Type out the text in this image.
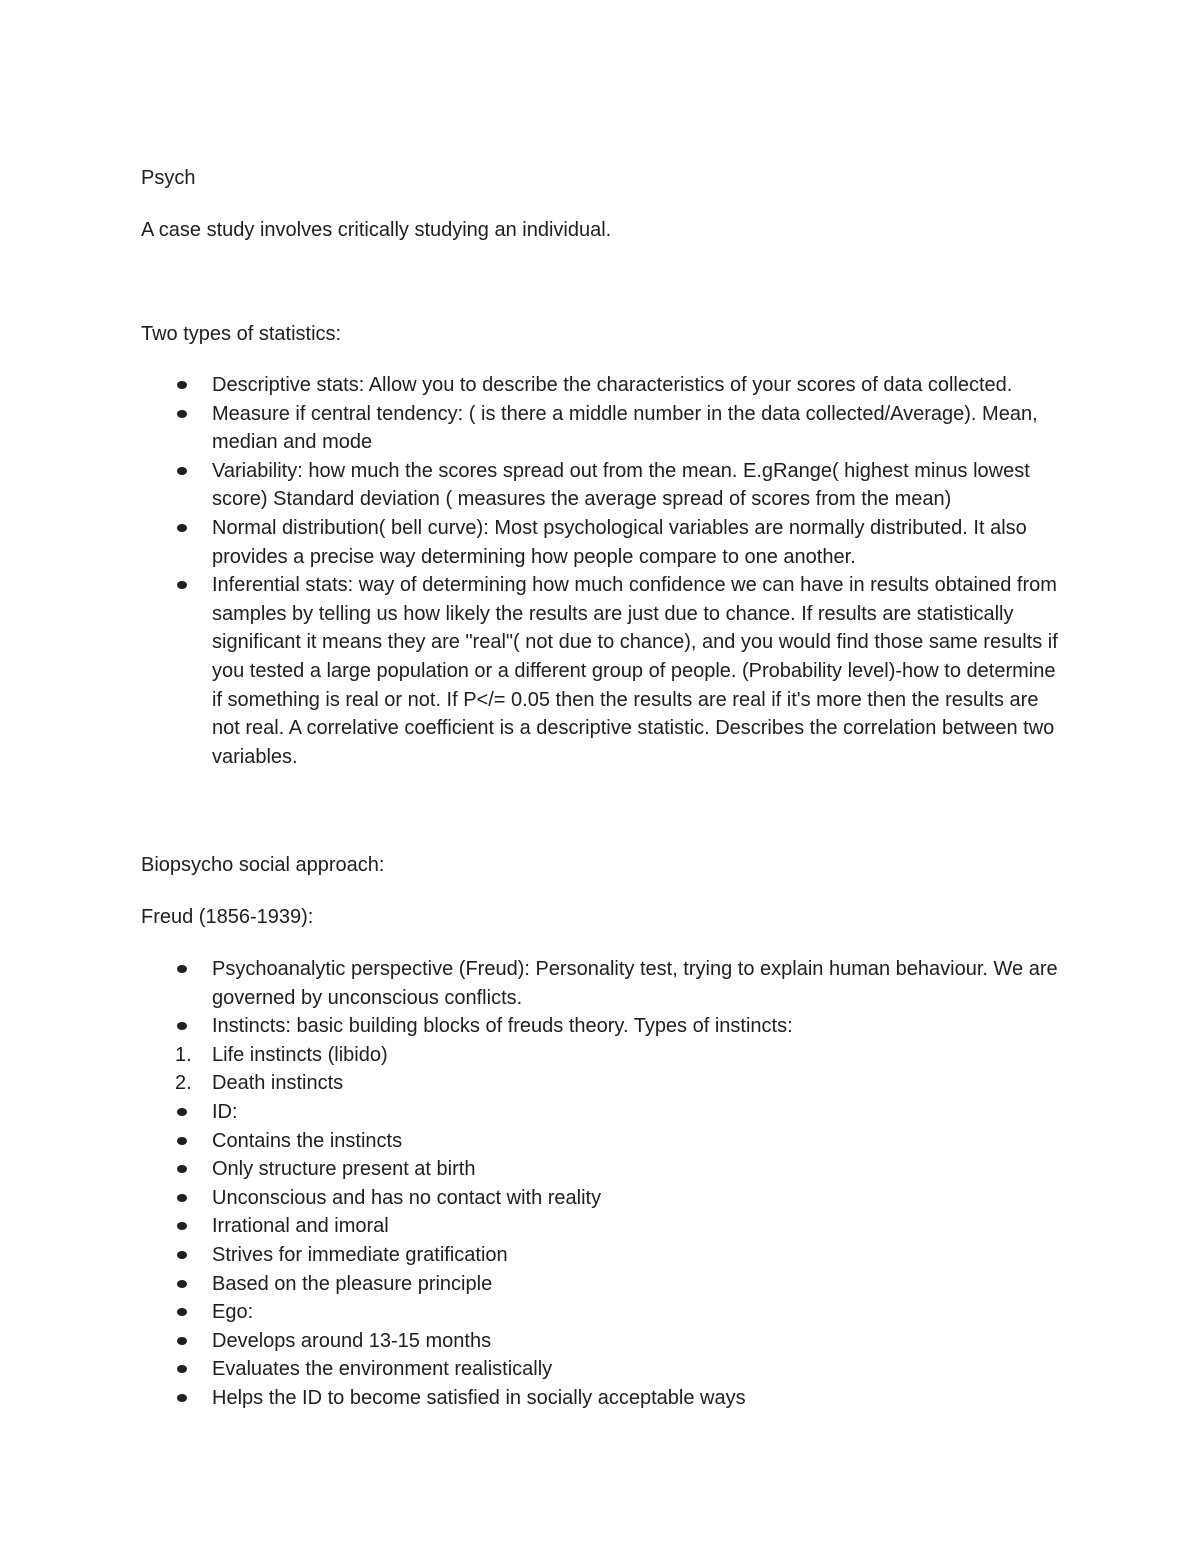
Psych

A case study involves critically studying an individual.

Two types of statistics:

Descriptive stats: Allow you to describe the characteristics of your scores of data collected.
Measure if central tendency: ( is there a middle number in the data collected/Average). Mean, median and mode
Variability: how much the scores spread out from the mean. E.gRange( highest minus lowest score) Standard deviation ( measures the average spread of scores from the mean)
Normal distribution( bell curve): Most psychological variables are normally distributed. It also provides a precise way determining how people compare to one another.
Inferential stats: way of determining how much confidence we can have in results obtained from samples by telling us how likely the results are just due to chance. If results are statistically significant it means they are "real"( not due to chance), and you would find those same results if you tested a large population or a different group of people. (Probability level)-how to determine if something is real or not. If P</= 0.05 then the results are real if it's more then the results are not real. A correlative coefficient is a descriptive statistic. Describes the correlation between two variables.

Biopsycho social approach:

Freud (1856-1939):

Psychoanalytic perspective (Freud): Personality test, trying to explain human behaviour. We are governed by unconscious conflicts.
Instincts: basic building blocks of freuds theory. Types of instincts:
1. Life instincts (libido)
2. Death instincts
ID:
Contains the instincts
Only structure present at birth
Unconscious and has no contact with reality
Irrational and imoral
Strives for immediate gratification
Based on the pleasure principle
Ego:
Develops around 13-15 months
Evaluates the environment realistically
Helps the ID to become satisfied in socially acceptable ways
